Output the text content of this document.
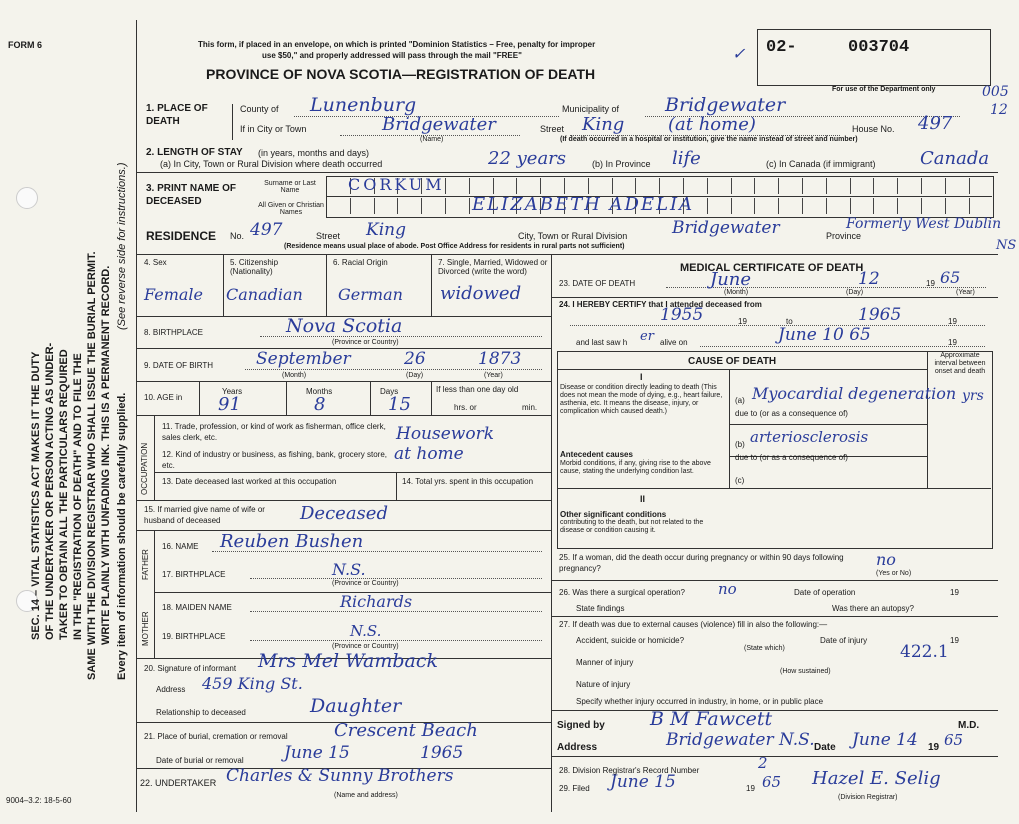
FORM 6
SEC. 14 – VITAL STATISTICS ACT MAKES IT THE DUTY OF THE UNDERTAKER OR PERSON ACTING AS UNDER- TAKER TO OBTAIN ALL THE PARTICULARS REQUIRED IN THE "REGISTRATION OF DEATH" AND TO FILE THE SAME WITH THE DIVISION REGISTRAR WHO SHALL ISSUE THE BURIAL PERMIT. WRITE PLAINLY WITH UNFADING INK. THIS IS A PERMANENT RECORD. Every item of information should be carefully supplied.
(See reverse side for instructions.)
9004–3.2: 18-5-60
This form, if placed in an envelope, on which is printed "Dominion Statistics – Free, penalty for improper
use $50," and properly addressed will pass through the mail "FREE"
PROVINCE OF NOVA SCOTIA—REGISTRATION OF DEATH
✓ 02-	003704
For use of the Department only	005
12
1. PLACE OF DEATH
County of Lunenburg	Municipality of Bridgewater
If in City or Town	Bridgewater	Street King (at home)	House No. 497
(Name)	(If death occurred in a hospital or institution, give the name instead of street and number)
2. LENGTH OF STAY (in years, months and days)
(a) In City, Town or Rural Division where death occurred	22 years	(b) In Province life	(c) In Canada (if immigrant) Canada
3. PRINT NAME OF DECEASED
Surname or Last Name
All Given or Christian Names
CORKUM
ELIZABETH ADELIA
RESIDENCE No. 497	Street King	City, Town or Rural Division	Bridgewater	Province
Formerly West Dublin
NS
(Residence means usual place of abode. Post Office Address for residents in rural parts not sufficient)
4. Sex	5. Citizenship (Nationality)
6. Racial Origin	7. Single, Married, Widowed or Divorced (write the word)
Female Canadian German widowed
8. BIRTHPLACE	Nova Scotia
(Province or Country)
9. DATE OF BIRTH	September	26	1873
(Month)	(Day)	(Year)
10. AGE in
Years	Months	Days	If less than one day old
hrs. or	min.
91	8	15
OCCUPATION
11. Trade, profession, or kind of work as fisherman, office clerk, sales clerk, etc.	Housework
12. Kind of industry or business, as fishing, bank, grocery store, etc.
at home
13. Date deceased last worked at this occupation	14. Total yrs. spent in this occupation
15. If married give name of wife or husband of deceased	Deceased
FATHER
MOTHER
16. NAME Reuben Bushen
17. BIRTHPLACE	N.S.
(Province or Country)
18. MAIDEN NAME	Richards
19. BIRTHPLACE	N.S.
(Province or Country)
20. Signature of informant Mrs Mel Wamback
Address 459 King St.
Relationship to deceased	Daughter
21. Place of burial, cremation or removal	Crescent Beach
Date of burial or removal June 15	1965
22. UNDERTAKER Charles & Sunny Brothers
(Name and address)
MEDICAL CERTIFICATE OF DEATH
23. DATE OF DEATH	June	12	19 65
(Month)	(Day)	(Year)
24. I HEREBY CERTIFY that I attended deceased from
1955	19	to	1965	19
and last saw h er alive on	June 10 65	19
CAUSE OF DEATH
Approximate interval between onset and death
I
Disease or condition directly leading to death (This does not mean the mode of dying, e.g., heart failure, asthenia, etc. It means the disease, injury, or complication which caused death.)
(a) Myocardial degeneration yrs
due to (or as a consequence of)
(b) arteriosclerosis
due to (or as a consequence of)
(c)
Antecedent causes
Morbid conditions, if any, giving rise to the above cause, stating the underlying condition last.
II
Other significant conditions
contributing to the death, but not related to the disease or condition causing it.
25. If a woman, did the death occur during pregnancy or within 90 days following pregnancy?	no
(Yes or No)
26. Was there a surgical operation? no	Date of operation	19
State findings	Was there an autopsy?
27. If death was due to external causes (violence) fill in also the following:—
Accident, suicide or homicide?	Date of injury	19
(State which)	422.1
Manner of injury
(How sustained)
Nature of injury
Specify whether injury occurred in industry, in home, or in public place
Signed by B M Fawcett	M.D.
Address	Bridgewater N.S. Date June 14 19 65
28. Division Registrar's Record Number	2
29. Filed June 15	19 65 Hazel E. Selig
(Division Registrar)
